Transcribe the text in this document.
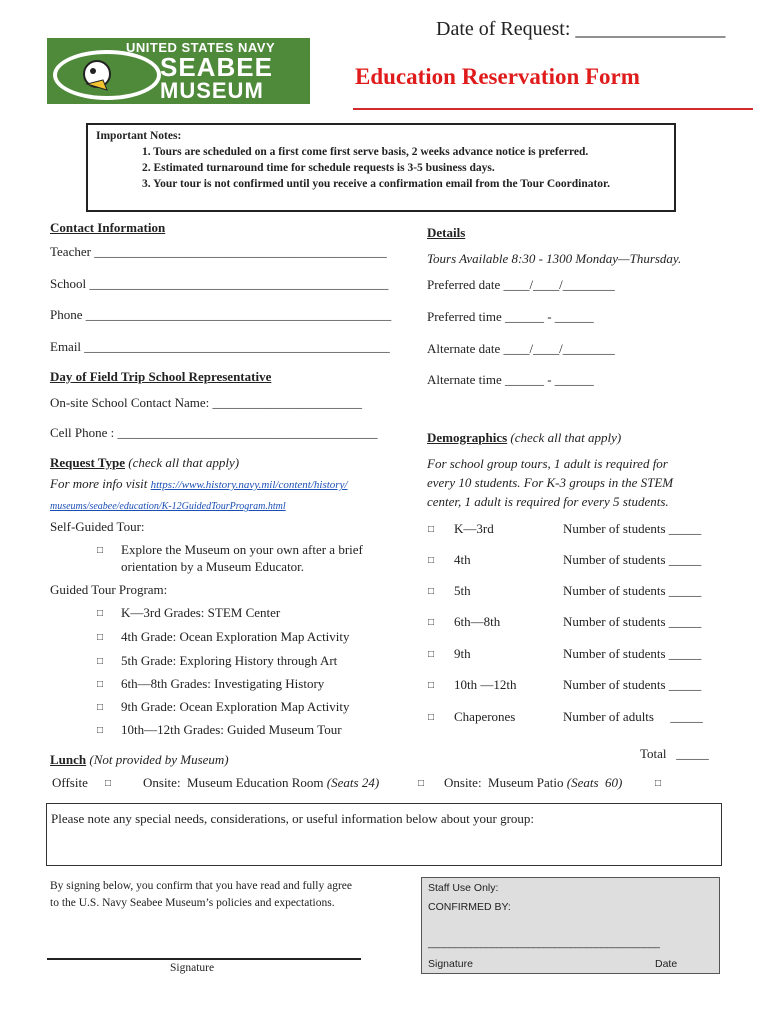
UNITED STATES NAVY
SEABEE
MUSEUM
Date of Request: _______________
Education Reservation Form
Important Notes:
1. Tours are scheduled on a first come first serve basis, 2 weeks advance notice is preferred.
2. Estimated turnaround time for schedule requests is 3-5 business days.
3. Your tour is not confirmed until you receive a confirmation email from the Tour Coordinator.
Contact Information
Teacher _____________________________________________
School ______________________________________________
Phone _______________________________________________
Email _______________________________________________
Day of Field Trip School Representative
On-site School Contact Name: _______________________
Cell Phone : ________________________________________
Request Type (check all that apply)
For more info visit https://www.history.navy.mil/content/history/
museums/seabee/education/K-12GuidedTourProgram.html
Self-Guided Tour:
□ Explore the Museum on your own after a brief
orientation by a Museum Educator.
Guided Tour Program:
□ K—3rd Grades: STEM Center
□ 4th Grade: Ocean Exploration Map Activity
□ 5th Grade: Exploring History through Art
□ 6th—8th Grades: Investigating History
□ 9th Grade: Ocean Exploration Map Activity
□ 10th—12th Grades: Guided Museum Tour
Details
Tours Available 8:30 - 1300 Monday—Thursday.
Preferred date ____/____/________
Preferred time ______ - ______
Alternate date ____/____/________
Alternate time ______ - ______
Demographics (check all that apply)
For school group tours, 1 adult is required for
every 10 students. For K-3 groups in the STEM
center, 1 adult is required for every 5 students.
□ K—3rd	Number of students _____
□ 4th	Number of students _____
□ 5th	Number of students _____
□ 6th—8th	Number of students _____
□ 9th	Number of students _____
□ 10th —12th	Number of students _____
□ Chaperones	Number of adults     _____
Total   _____
Lunch (Not provided by Museum)
Offsite □ Onsite:  Museum Education Room (Seats 24)	□ Onsite:  Museum Patio (Seats  60)	□
Please note any special needs, considerations, or useful information below about your group:
By signing below, you confirm that you have read and fully agree
to the U.S. Navy Seabee Museum’s policies and expectations.
Signature
Staff Use Only:
CONFIRMED BY:
____________________________________________
Signature	Date
